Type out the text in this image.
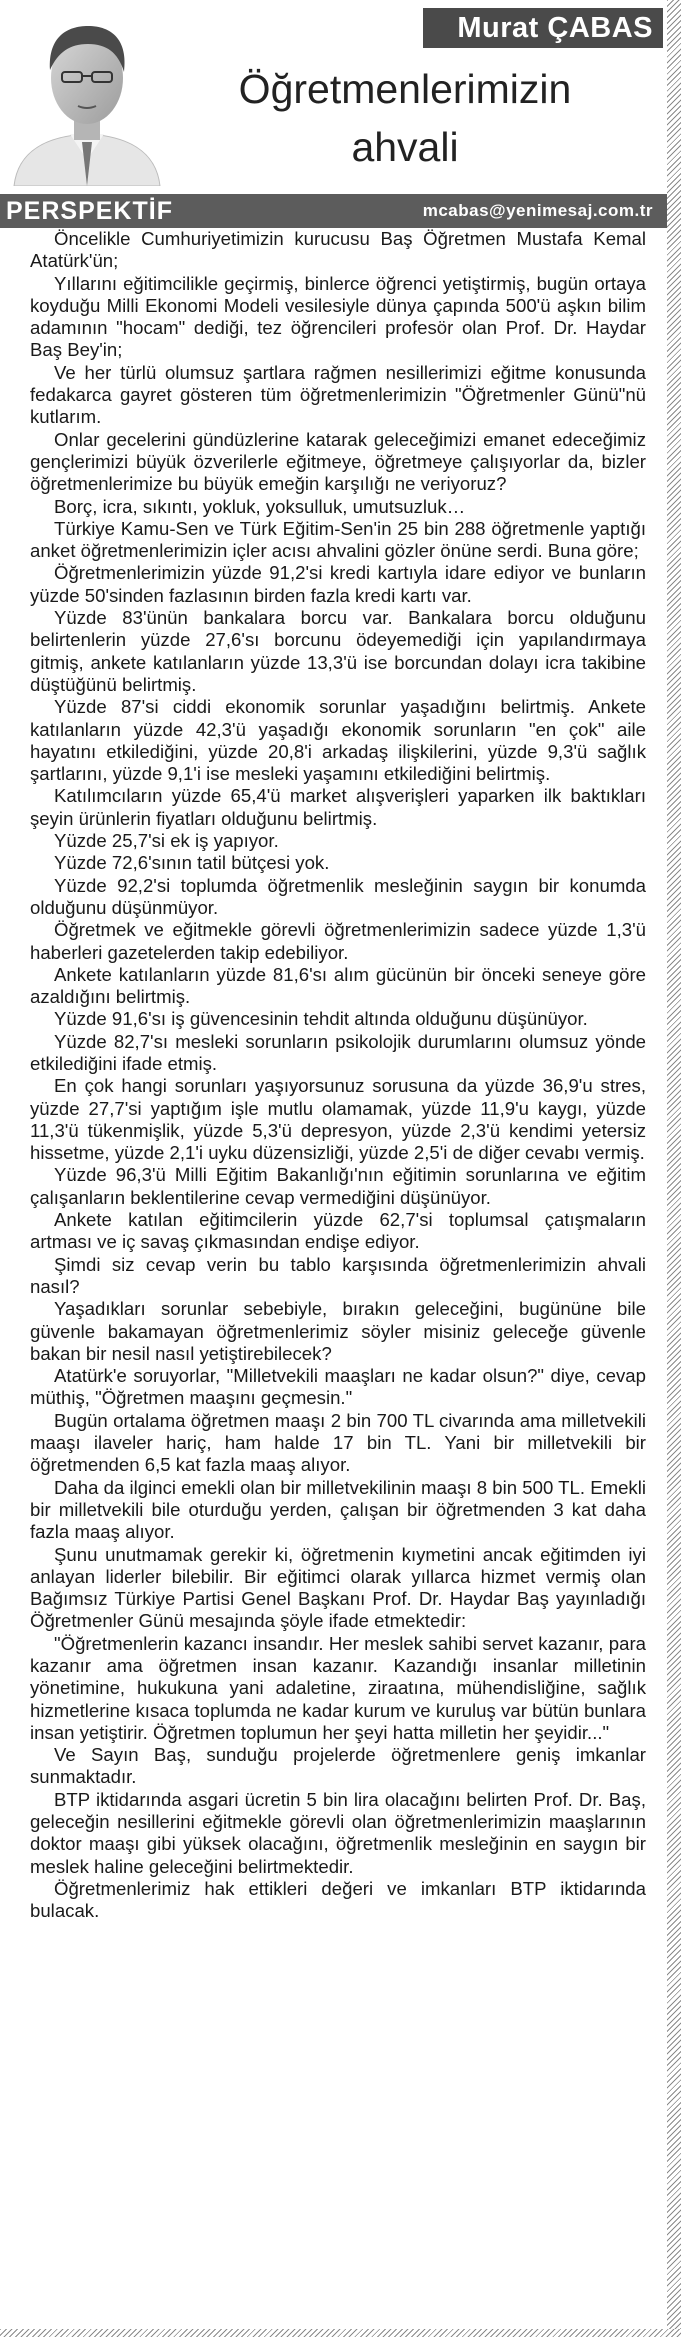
Murat ÇABAS
Öğretmenlerimizin ahvali
PERSPEKTİF	mcabas@yenimesaj.com.tr

Öncelikle Cumhuriyetimizin kurucusu Baş Öğretmen Mustafa Kemal Atatürk'ün;

Yıllarını eğitimcilikle geçirmiş, binlerce öğrenci yetiştirmiş, bugün ortaya koyduğu Milli Ekonomi Modeli vesilesiyle dünya çapında 500'ü aşkın bilim adamının "hocam" dediği, tez öğrencileri profesör olan Prof. Dr. Haydar Baş Bey'in;

Ve her türlü olumsuz şartlara rağmen nesillerimizi eğitme konusunda fedakarca gayret gösteren tüm öğretmenlerimizin "Öğretmenler Günü"nü kutlarım.

Onlar gecelerini gündüzlerine katarak geleceğimizi emanet edeceğimiz gençlerimizi büyük özverilerle eğitmeye, öğretmeye çalışıyorlar da, bizler öğretmenlerimize bu büyük emeğin karşılığı ne veriyoruz?

Borç, icra, sıkıntı, yokluk, yoksulluk, umutsuzluk…

Türkiye Kamu-Sen ve Türk Eğitim-Sen'in 25 bin 288 öğretmenle yaptığı anket öğretmenlerimizin içler acısı ahvalini gözler önüne serdi. Buna göre;

Öğretmenlerimizin yüzde 91,2'si kredi kartıyla idare ediyor ve bunların yüzde 50'sinden fazlasının birden fazla kredi kartı var.

Yüzde 83'ünün bankalara borcu var. Bankalara borcu olduğunu belirtenlerin yüzde 27,6'sı borcunu ödeyemediği için yapılandırmaya gitmiş, ankete katılanların yüzde 13,3'ü ise borcundan dolayı icra takibine düştüğünü belirtmiş.

Yüzde 87'si ciddi ekonomik sorunlar yaşadığını belirtmiş. Ankete katılanların yüzde 42,3'ü yaşadığı ekonomik sorunların "en çok" aile hayatını etkilediğini, yüzde 20,8'i arkadaş ilişkilerini, yüzde 9,3'ü sağlık şartlarını, yüzde 9,1'i ise mesleki yaşamını etkilediğini belirtmiş.

Katılımcıların yüzde 65,4'ü market alışverişleri yaparken ilk baktıkları şeyin ürünlerin fiyatları olduğunu belirtmiş.

Yüzde 25,7'si ek iş yapıyor.

Yüzde 72,6'sının tatil bütçesi yok.

Yüzde 92,2'si toplumda öğretmenlik mesleğinin saygın bir konumda olduğunu düşünmüyor.

Öğretmek ve eğitmekle görevli öğretmenlerimizin sadece yüzde 1,3'ü haberleri gazetelerden takip edebiliyor.

Ankete katılanların yüzde 81,6'sı alım gücünün bir önceki seneye göre azaldığını belirtmiş.

Yüzde 91,6'sı iş güvencesinin tehdit altında olduğunu düşünüyor.

Yüzde 82,7'sı mesleki sorunların psikolojik durumlarını olumsuz yönde etkilediğini ifade etmiş.

En çok hangi sorunları yaşıyorsunuz sorusuna da yüzde 36,9'u stres, yüzde 27,7'si yaptığım işle mutlu olamamak, yüzde 11,9'u kaygı, yüzde 11,3'ü tükenmişlik, yüzde 5,3'ü depresyon, yüzde 2,3'ü kendimi yetersiz hissetme, yüzde 2,1'i uyku düzensizliği, yüzde 2,5'i de diğer cevabı vermiş.

Yüzde 96,3'ü Milli Eğitim Bakanlığı'nın eğitimin sorunlarına ve eğitim çalışanların beklentilerine cevap vermediğini düşünüyor.

Ankete katılan eğitimcilerin yüzde 62,7'si toplumsal çatışmaların artması ve iç savaş çıkmasından endişe ediyor.

Şimdi siz cevap verin bu tablo karşısında öğretmenlerimizin ahvali nasıl?

Yaşadıkları sorunlar sebebiyle, bırakın geleceğini, bugününe bile güvenle bakamayan öğretmenlerimiz söyler misiniz geleceğe güvenle bakan bir nesil nasıl yetiştirebilecek?

Atatürk'e soruyorlar, "Milletvekili maaşları ne kadar olsun?" diye, cevap müthiş, "Öğretmen maaşını geçmesin."

Bugün ortalama öğretmen maaşı 2 bin 700 TL civarında ama milletvekili maaşı ilaveler hariç, ham halde 17 bin TL. Yani bir milletvekili bir öğretmenden 6,5 kat fazla maaş alıyor.

Daha da ilginci emekli olan bir milletvekilinin maaşı 8 bin 500 TL. Emekli bir milletvekili bile oturduğu yerden, çalışan bir öğretmenden 3 kat daha fazla maaş alıyor.

Şunu unutmamak gerekir ki, öğretmenin kıymetini ancak eğitimden iyi anlayan liderler bilebilir. Bir eğitimci olarak yıllarca hizmet vermiş olan Bağımsız Türkiye Partisi Genel Başkanı Prof. Dr. Haydar Baş yayınladığı Öğretmenler Günü mesajında şöyle ifade etmektedir:

"Öğretmenlerin kazancı insandır. Her meslek sahibi servet kazanır, para kazanır ama öğretmen insan kazanır. Kazandığı insanlar milletinin yönetimine, hukukuna yani adaletine, ziraatına, mühendisliğine, sağlık hizmetlerine kısaca toplumda ne kadar kurum ve kuruluş var bütün bunlara insan yetiştirir. Öğretmen toplumun her şeyi hatta milletin her şeyidir..."

Ve Sayın Baş, sunduğu projelerde öğretmenlere geniş imkanlar sunmaktadır.

BTP iktidarında asgari ücretin 5 bin lira olacağını belirten Prof. Dr. Baş, geleceğin nesillerini eğitmekle görevli olan öğretmenlerimizin maaşlarının doktor maaşı gibi yüksek olacağını, öğretmenlik mesleğinin en saygın bir meslek haline geleceğini belirtmektedir.

Öğretmenlerimiz hak ettikleri değeri ve imkanları BTP iktidarında bulacak.
